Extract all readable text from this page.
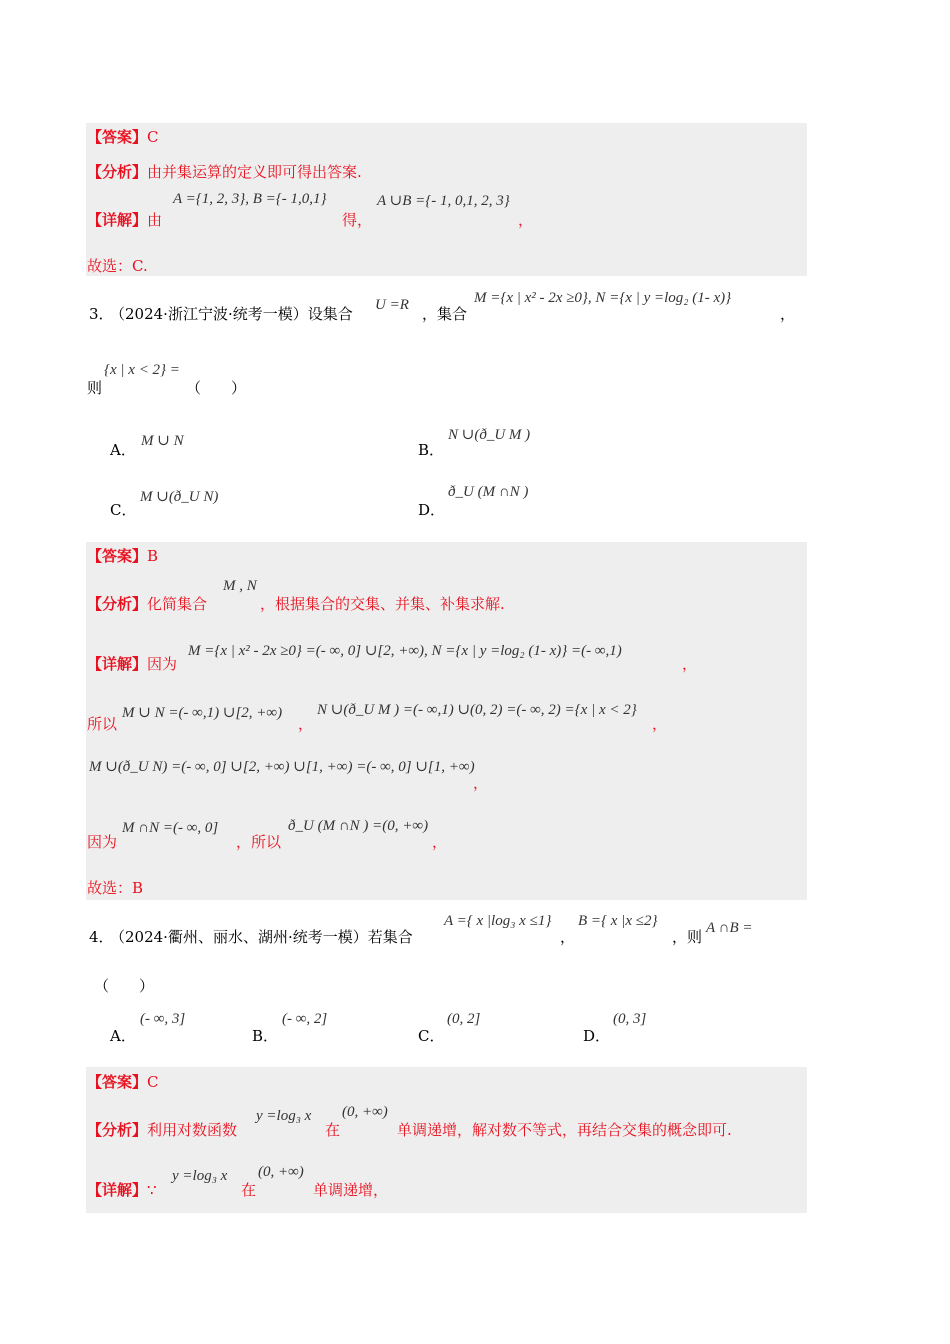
【答案】C
【分析】由并集运算的定义即可得出答案.
【详解】由
A ={1, 2, 3}, B ={- 1,0,1}
得，
A ∪B ={- 1, 0,1, 2, 3}
，
故选：C.
3．
（2024·浙江宁波·统考一模）设集合 U =R ，集合
M ={x | x² - 2x ≥0}, N ={x | y =log₂ (1- x)}
，
{x | x < 2} =
则	（　　）
A． M ∪ N	B．
N ∪(ð_U M )
C．
M ∪(ð_U N)
D．
ð_U (M ∩N )
【答案】B
【分析】化简集合
M , N
，根据集合的交集、并集、补集求解.
【详解】因为
M ={x | x² - 2x ≥0} =(- ∞, 0] ∪[2, +∞), N ={x | y =log₂ (1- x)} =(- ∞,1)
，
所以
M ∪ N =(- ∞,1) ∪[2, +∞)
，
N ∪(ð_U M ) =(- ∞,1) ∪(0, 2) =(- ∞, 2) ={x | x < 2}
，
M ∪(ð_U N) =(- ∞, 0] ∪[2, +∞) ∪[1, +∞) =(- ∞, 0] ∪[1, +∞)
，
因为
M ∩N =(- ∞, 0]
，所以
ð_U (M ∩N ) =(0, +∞)
，
故选：B
4．
（2024·衢州、丽水、湖州·统考一模）若集合
A ={ x |log₃ x ≤1}
，
B ={ x |x ≤2}
，则 A ∩B =
（　　）
A．
(- ∞, 3]
B．
(- ∞, 2]
C．
(0, 2]
D．
(0, 3]
【答案】C
【分析】利用对数函数
y =log₃ x
在
(0, +∞)
单调递增，解对数不等式，再结合交集的概念即可.
【详解】∵
y =log₃ x
在
(0, +∞)
单调递增，
